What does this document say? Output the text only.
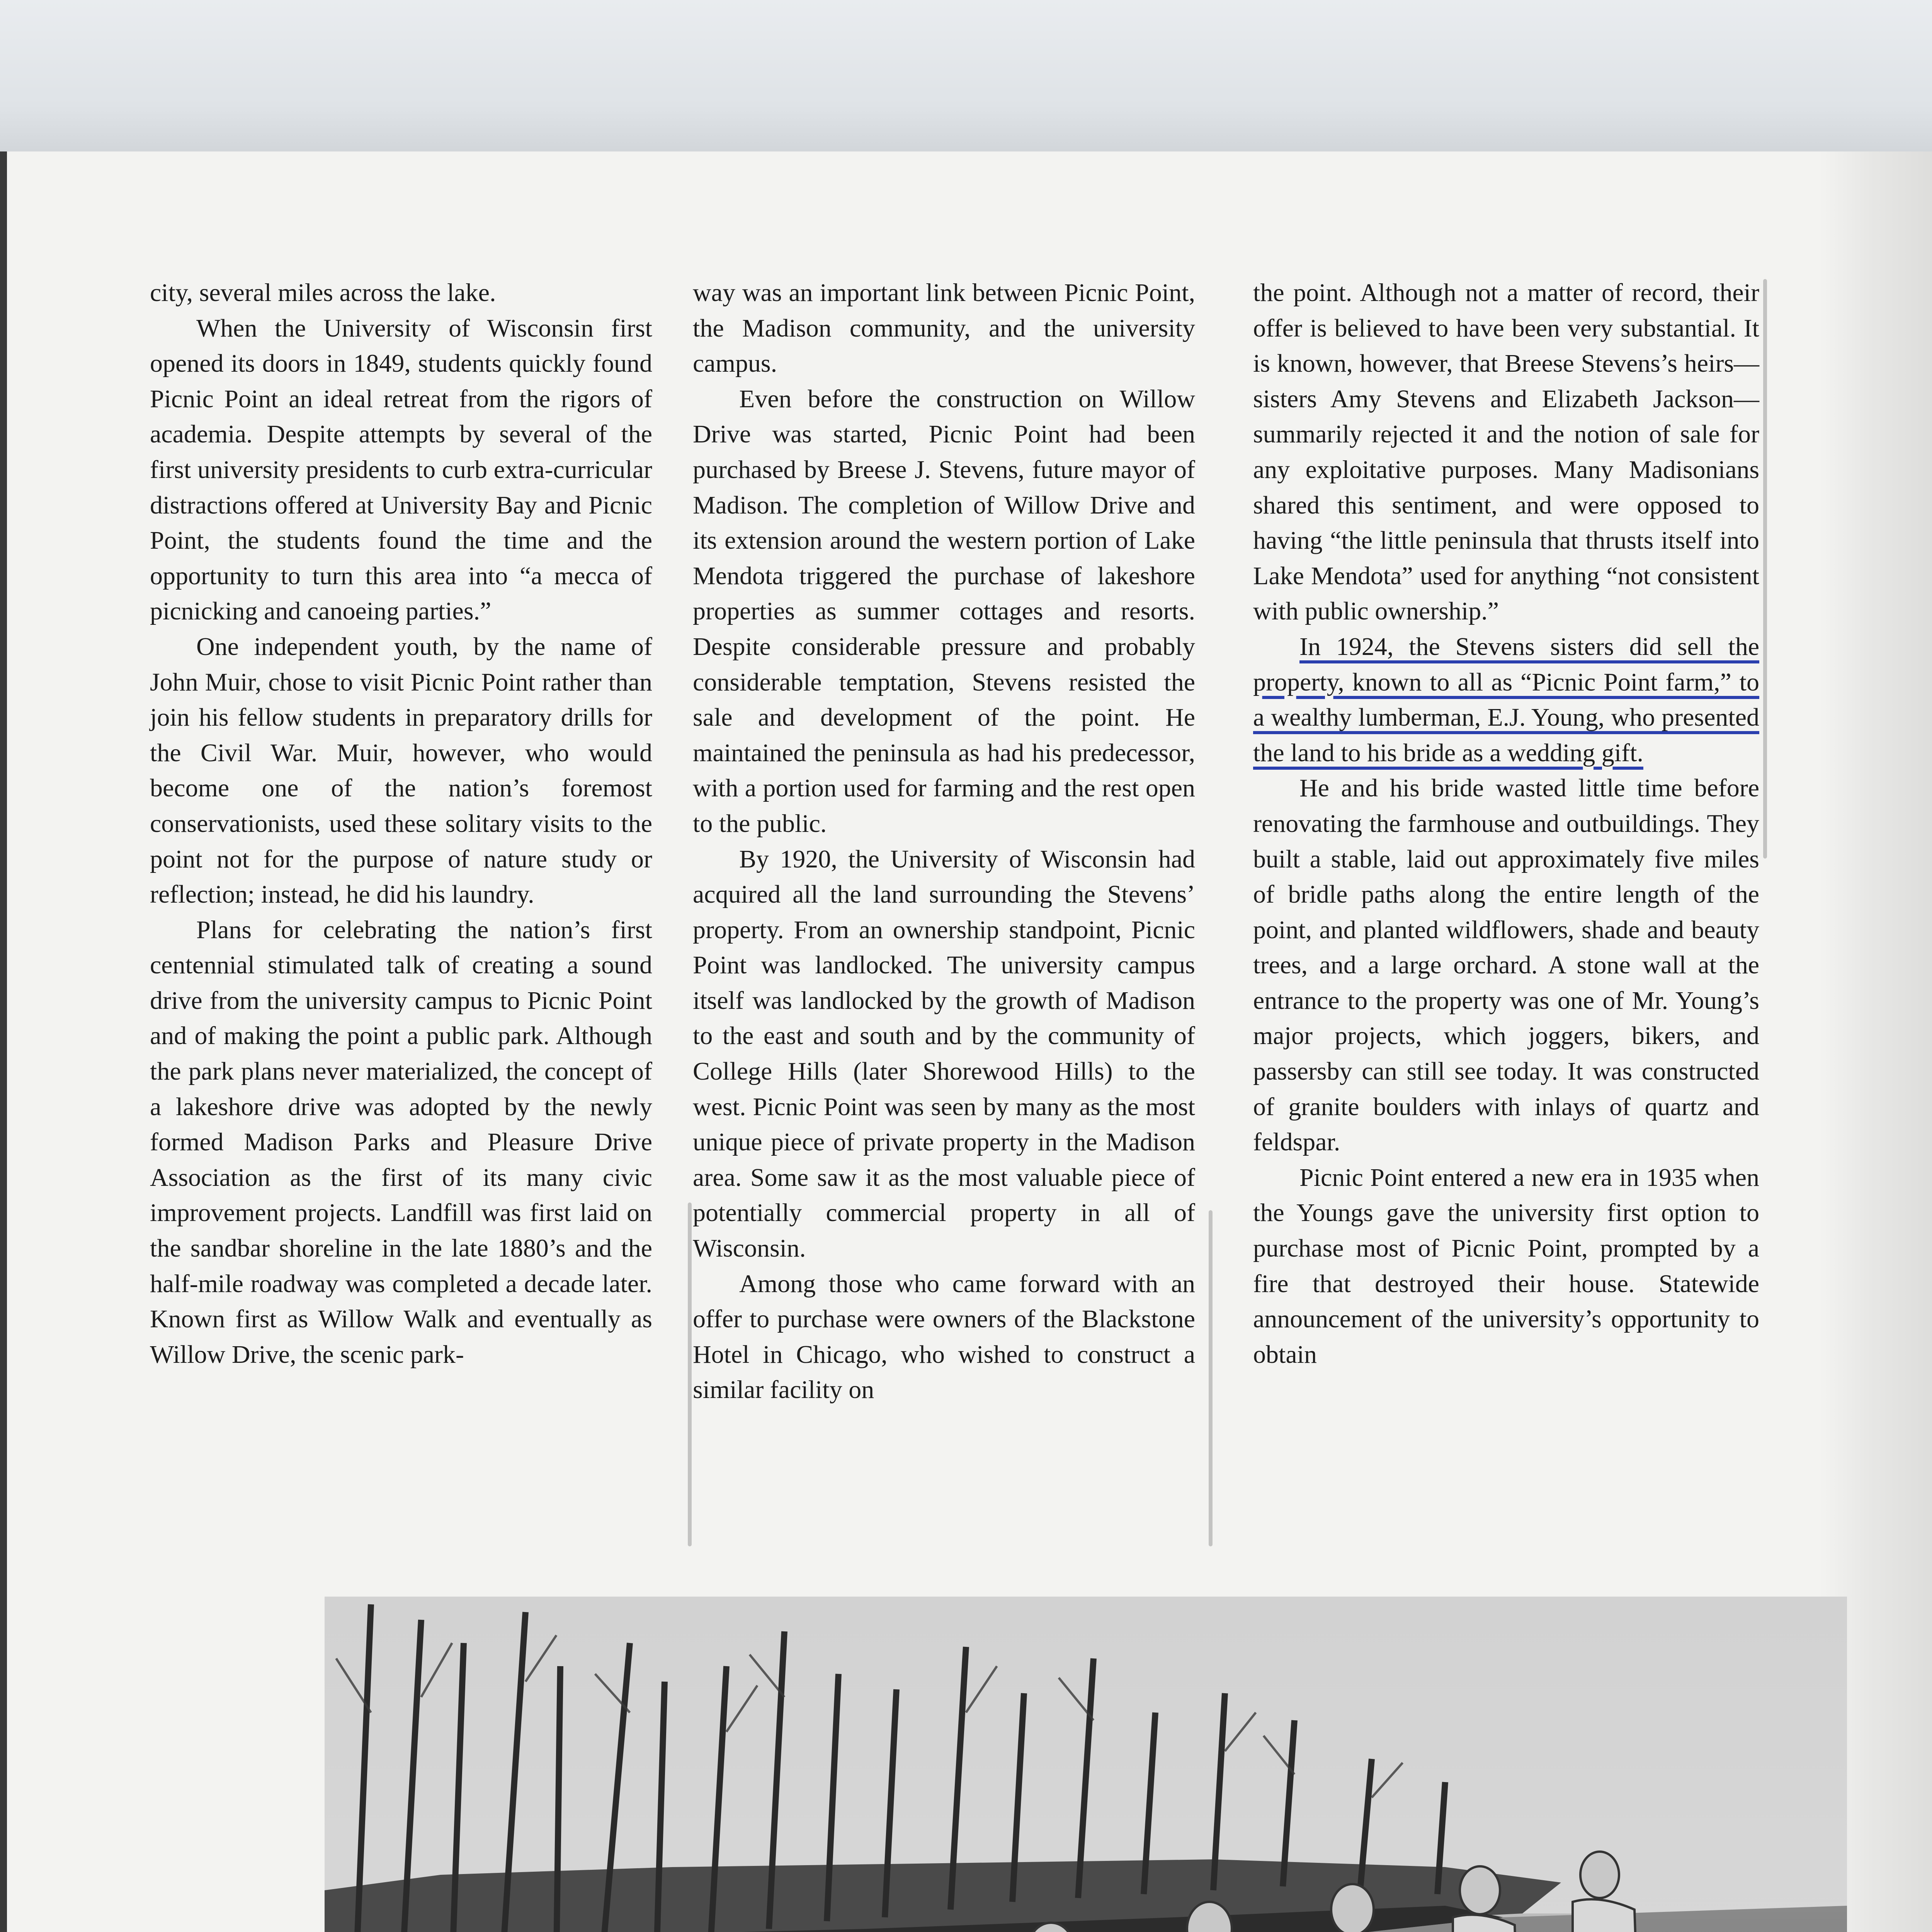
city, several miles across the lake.

When the University of Wisconsin first opened its doors in 1849, students quickly found Picnic Point an ideal retreat from the rigors of academia. Despite attempts by several of the first university presidents to curb extra-curricular distractions offered at University Bay and Picnic Point, the students found the time and the opportunity to turn this area into “a mecca of picnicking and canoeing parties.”

One independent youth, by the name of John Muir, chose to visit Picnic Point rather than join his fellow students in preparatory drills for the Civil War. Muir, however, who would become one of the nation’s foremost conservationists, used these solitary visits to the point not for the purpose of nature study or reflection; instead, he did his laundry.

Plans for celebrating the nation’s first centennial stimulated talk of creating a sound drive from the university campus to Picnic Point and of making the point a public park. Although the park plans never materialized, the concept of a lakeshore drive was adopted by the newly formed Madison Parks and Pleasure Drive Association as the first of its many civic improvement projects. Landfill was first laid on the sandbar shoreline in the late 1880’s and the half-mile roadway was completed a decade later. Known first as Willow Walk and eventually as Willow Drive, the scenic park-

way was an important link between Picnic Point, the Madison community, and the university campus.

Even before the construction on Willow Drive was started, Picnic Point had been purchased by Breese J. Stevens, future mayor of Madison. The completion of Willow Drive and its extension around the western portion of Lake Mendota triggered the purchase of lakeshore properties as summer cottages and resorts. Despite considerable pressure and probably considerable temptation, Stevens resisted the sale and development of the point. He maintained the peninsula as had his predecessor, with a portion used for farming and the rest open to the public.

By 1920, the University of Wisconsin had acquired all the land surrounding the Stevens’ property. From an ownership standpoint, Picnic Point was landlocked. The university campus itself was landlocked by the growth of Madison to the east and south and by the community of College Hills (later Shorewood Hills) to the west. Picnic Point was seen by many as the most unique piece of private property in the Madison area. Some saw it as the most valuable piece of potentially commercial property in all of Wisconsin.

Among those who came forward with an offer to purchase were owners of the Blackstone Hotel in Chicago, who wished to construct a similar facility on

the point. Although not a matter of record, their offer is believed to have been very substantial. It is known, however, that Breese Stevens’s heirs—sisters Amy Stevens and Elizabeth Jackson—summarily rejected it and the notion of sale for any exploitative purposes. Many Madisonians shared this sentiment, and were opposed to having “the little peninsula that thrusts itself into Lake Mendota” used for anything “not consistent with public ownership.”

In 1924, the Stevens sisters did sell the property, known to all as “Picnic Point farm,” to a wealthy lumberman, E.J. Young, who presented the land to his bride as a wedding gift.

He and his bride wasted little time before renovating the farmhouse and outbuildings. They built a stable, laid out approximately five miles of bridle paths along the entire length of the point, and planted wildflowers, shade and beauty trees, and a large orchard. A stone wall at the entrance to the property was one of Mr. Young’s major projects, which joggers, bikers, and passersby can still see today. It was constructed of granite boulders with inlays of quartz and feldspar.

Picnic Point entered a new era in 1935 when the Youngs gave the university first option to purchase most of Picnic Point, prompted by a fire that destroyed their house. Statewide announcement of the university’s opportunity to obtain
